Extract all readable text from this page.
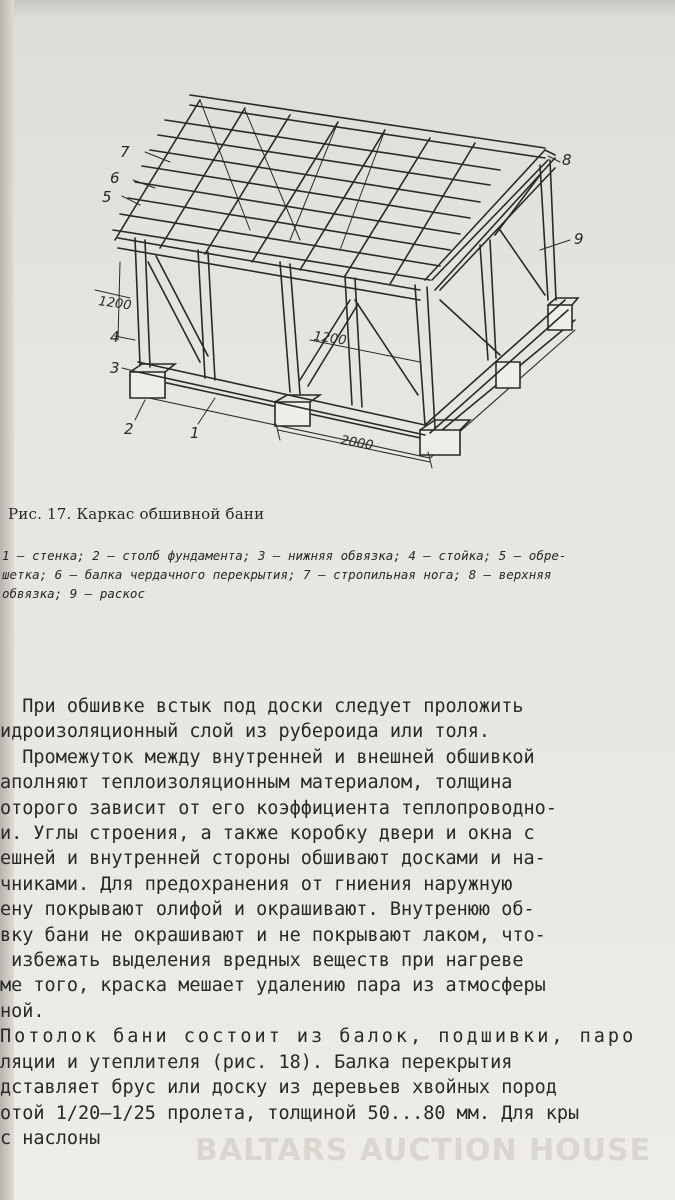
7
6
5
4
3
2	1
8
9
1200
1200
2000
Рис. 17. Каркас обшивной бани
1 — стенка; 2 — столб фундамента; 3 — нижняя обвязка; 4 — стойка; 5 — обре-
шетка; 6 — балка чердачного перекрытия; 7 — стропильная нога; 8 — верхняя
обвязка; 9 — раскос
При обшивке встык под доски следует проложить
идроизоляционный слой из рубероида или толя.
Промежуток между внутренней и внешней обшивкой
аполняют теплоизоляционным материалом, толщина
оторого зависит от его коэффициента теплопроводно-
и. Углы строения, а также коробку двери и окна с
ешней и внутренней стороны обшивают досками и на-
чниками. Для предохранения от гниения наружную
ену покрывают олифой и окрашивают. Внутренюю об-
вку бани не окрашивают и не покрывают лаком, что-
избежать выделения вредных веществ при нагреве
ме того, краска мешает удалению пара из атмосферы
ной.
Потолок бани состоит из балок, подшивки, паро
ляции и утеплителя (рис. 18). Балка перекрытия
дставляет брус или доску из деревьев хвойных пород
отой 1/20—1/25 пролета, толщиной 50...80 мм. Для кры
с наслоны	BALTARS AUCTION HOUSE
